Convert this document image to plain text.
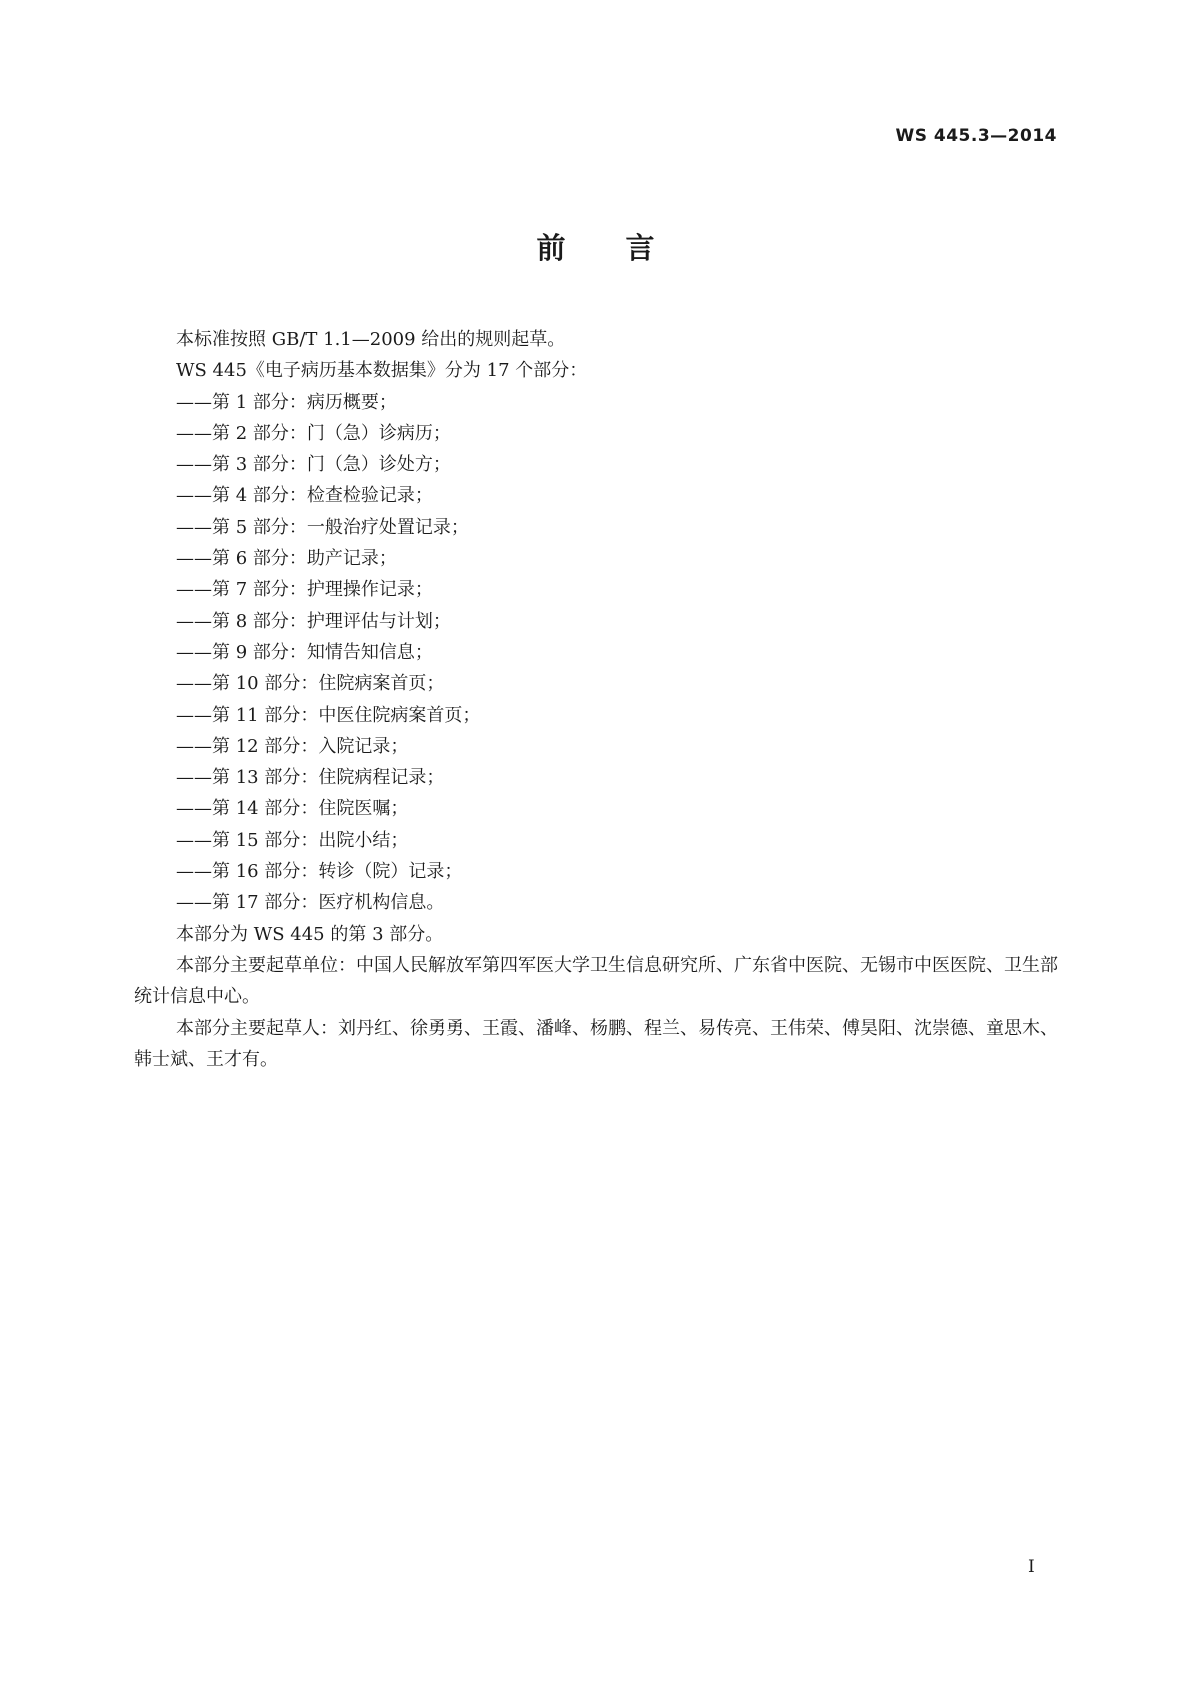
WS 445.3—2014
前言

本标准按照 GB/T 1.1—2009 给出的规则起草。

WS 445《电子病历基本数据集》分为 17 个部分：

——第 1 部分：病历概要；

——第 2 部分：门（急）诊病历；

——第 3 部分：门（急）诊处方；

——第 4 部分：检查检验记录；

——第 5 部分：一般治疗处置记录；

——第 6 部分：助产记录；

——第 7 部分：护理操作记录；

——第 8 部分：护理评估与计划；

——第 9 部分：知情告知信息；

——第 10 部分：住院病案首页；

——第 11 部分：中医住院病案首页；

——第 12 部分：入院记录；

——第 13 部分：住院病程记录；

——第 14 部分：住院医嘱；

——第 15 部分：出院小结；

——第 16 部分：转诊（院）记录；

——第 17 部分：医疗机构信息。

本部分为 WS 445 的第 3 部分。

本部分主要起草单位：中国人民解放军第四军医大学卫生信息研究所、广东省中医院、无锡市中医医院、卫生部统计信息中心。

本部分主要起草人：刘丹红、徐勇勇、王霞、潘峰、杨鹏、程兰、易传亮、王伟荣、傅昊阳、沈崇德、童思木、韩士斌、王才有。

I
